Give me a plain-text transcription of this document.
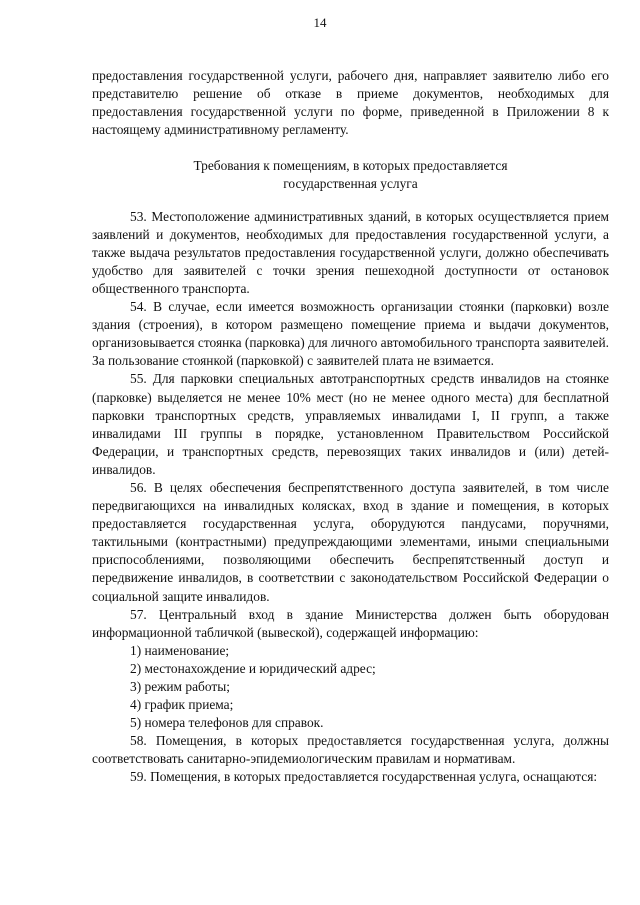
14

предоставления государственной услуги, рабочего дня, направляет заявителю либо его представителю решение об отказе в приеме документов, необходимых для предоставления государственной услуги по форме, приведенной в Приложении 8 к настоящему административному регламенту.

Требования к помещениям, в которых предоставляется
государственная услуга

53. Местоположение административных зданий, в которых осуществляется прием заявлений и документов, необходимых для предоставления государственной услуги, а также выдача результатов предоставления государственной услуги, должно обеспечивать удобство для заявителей с точки зрения пешеходной доступности от остановок общественного транспорта.

54. В случае, если имеется возможность организации стоянки (парковки) возле здания (строения), в котором размещено помещение приема и выдачи документов, организовывается стоянка (парковка) для личного автомобильного транспорта заявителей. За пользование стоянкой (парковкой) с заявителей плата не взимается.

55. Для парковки специальных автотранспортных средств инвалидов на стоянке (парковке) выделяется не менее 10% мест (но не менее одного места) для бесплатной парковки транспортных средств, управляемых инвалидами I, II групп, а также инвалидами III группы в порядке, установленном Правительством Российской Федерации, и транспортных средств, перевозящих таких инвалидов и (или) детей-инвалидов.

56. В целях обеспечения беспрепятственного доступа заявителей, в том числе передвигающихся на инвалидных колясках, вход в здание и помещения, в которых предоставляется государственная услуга, оборудуются пандусами, поручнями, тактильными (контрастными) предупреждающими элементами, иными специальными приспособлениями, позволяющими обеспечить беспрепятственный доступ и передвижение инвалидов, в соответствии с законодательством Российской Федерации о социальной защите инвалидов.

57. Центральный вход в здание Министерства должен быть оборудован информационной табличкой (вывеской), содержащей информацию:

1) наименование;

2) местонахождение и юридический адрес;

3) режим работы;

4) график приема;

5) номера телефонов для справок.

58. Помещения, в которых предоставляется государственная услуга, должны соответствовать санитарно-эпидемиологическим правилам и нормативам.

59. Помещения, в которых предоставляется государственная услуга, оснащаются:
